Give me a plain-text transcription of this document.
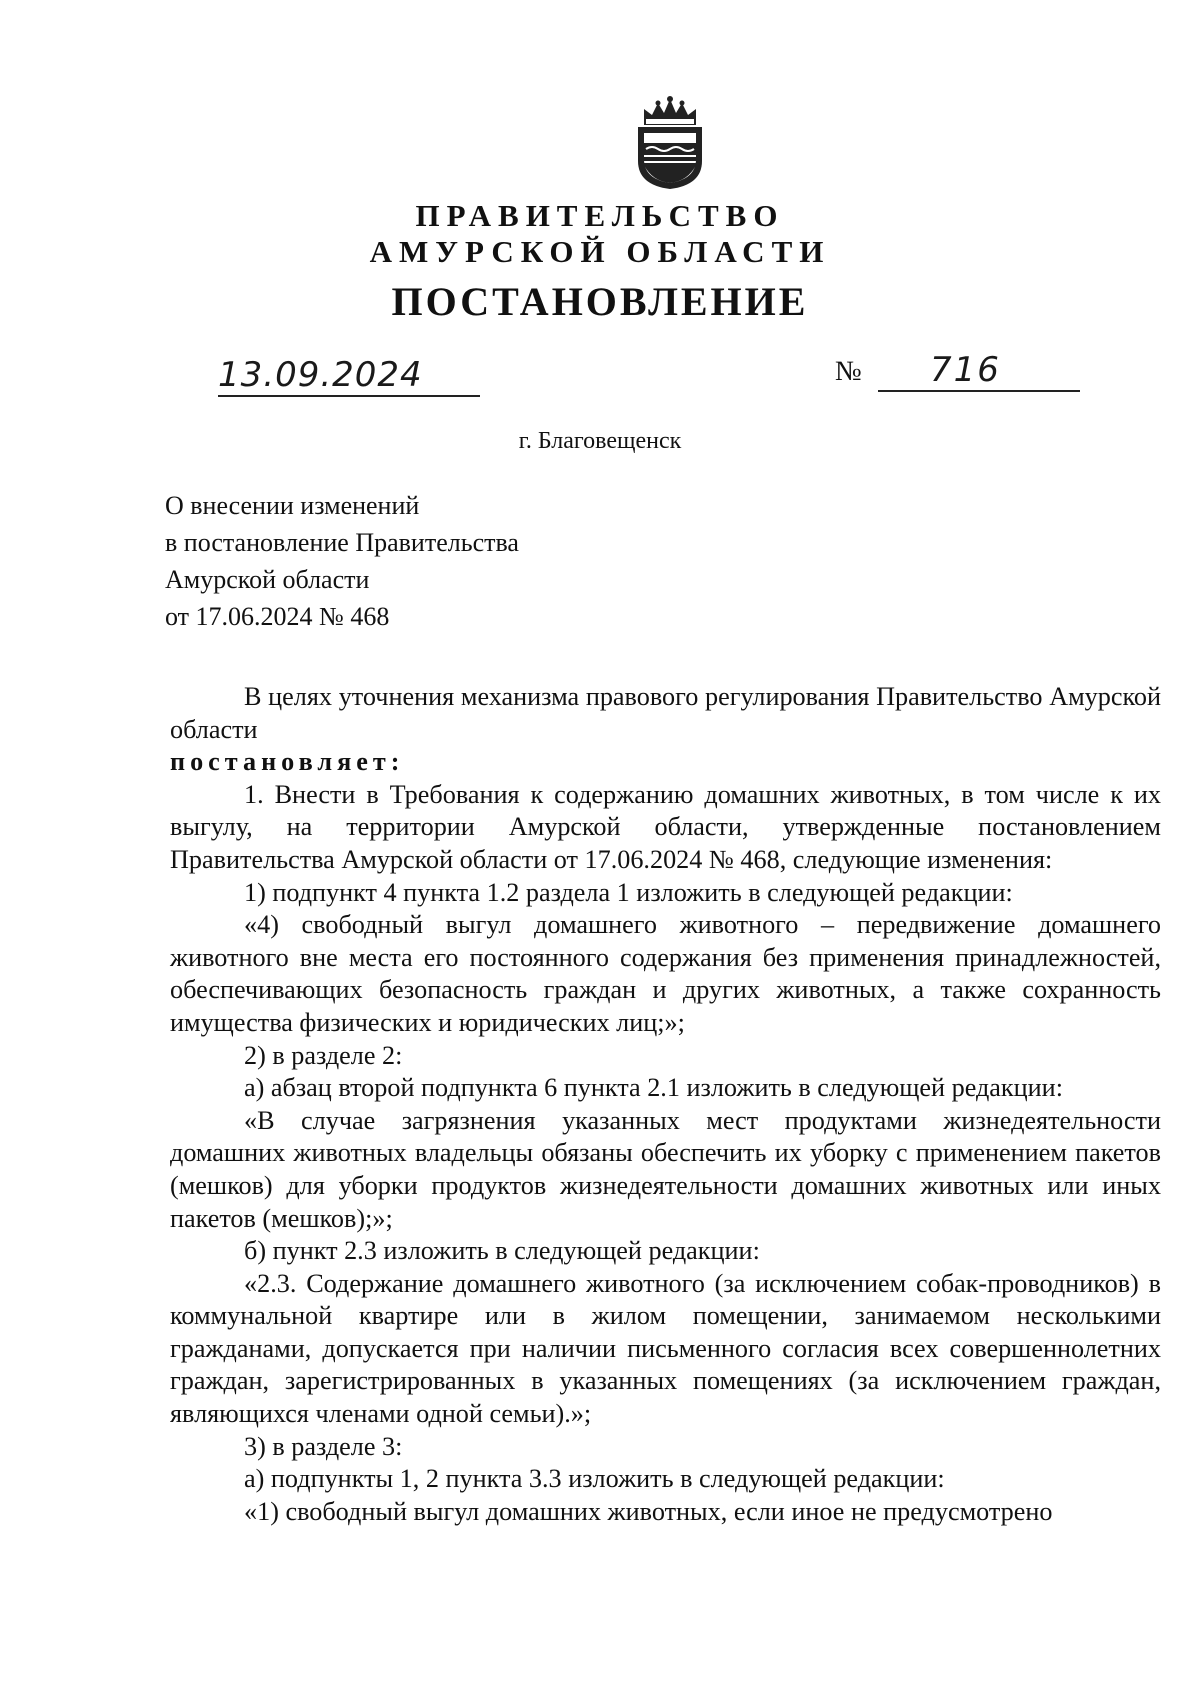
ПРАВИТЕЛЬСТВО
АМУРСКОЙ ОБЛАСТИ
ПОСТАНОВЛЕНИЕ
13.09.2024	№ 716
г. Благовещенск
О внесении изменений
в постановление Правительства
Амурской области
от 17.06.2024 № 468
В целях уточнения механизма правового регулирования Правительство Амурской области
постановляет:
1. Внести в Требования к содержанию домашних животных, в том числе к их выгулу, на территории Амурской области, утвержденные постановлением Правительства Амурской области от 17.06.2024 № 468, следующие изменения:
1) подпункт 4 пункта 1.2 раздела 1 изложить в следующей редакции:
«4) свободный выгул домашнего животного – передвижение домашнего животного вне места его постоянного содержания без применения принадлежностей, обеспечивающих безопасность граждан и других животных, а также сохранность имущества физических и юридических лиц;»;
2) в разделе 2:
а) абзац второй подпункта 6 пункта 2.1 изложить в следующей редакции:
«В случае загрязнения указанных мест продуктами жизнедеятельности домашних животных владельцы обязаны обеспечить их уборку с применением пакетов (мешков) для уборки продуктов жизнедеятельности домашних животных или иных пакетов (мешков);»;
б) пункт 2.3 изложить в следующей редакции:
«2.3. Содержание домашнего животного (за исключением собак-проводников) в коммунальной квартире или в жилом помещении, занимаемом несколькими гражданами, допускается при наличии письменного согласия всех совершеннолетних граждан, зарегистрированных в указанных помещениях (за исключением граждан, являющихся членами одной семьи).»;
3) в разделе 3:
а) подпункты 1, 2 пункта 3.3 изложить в следующей редакции:
«1) свободный выгул домашних животных, если иное не предусмотрено
